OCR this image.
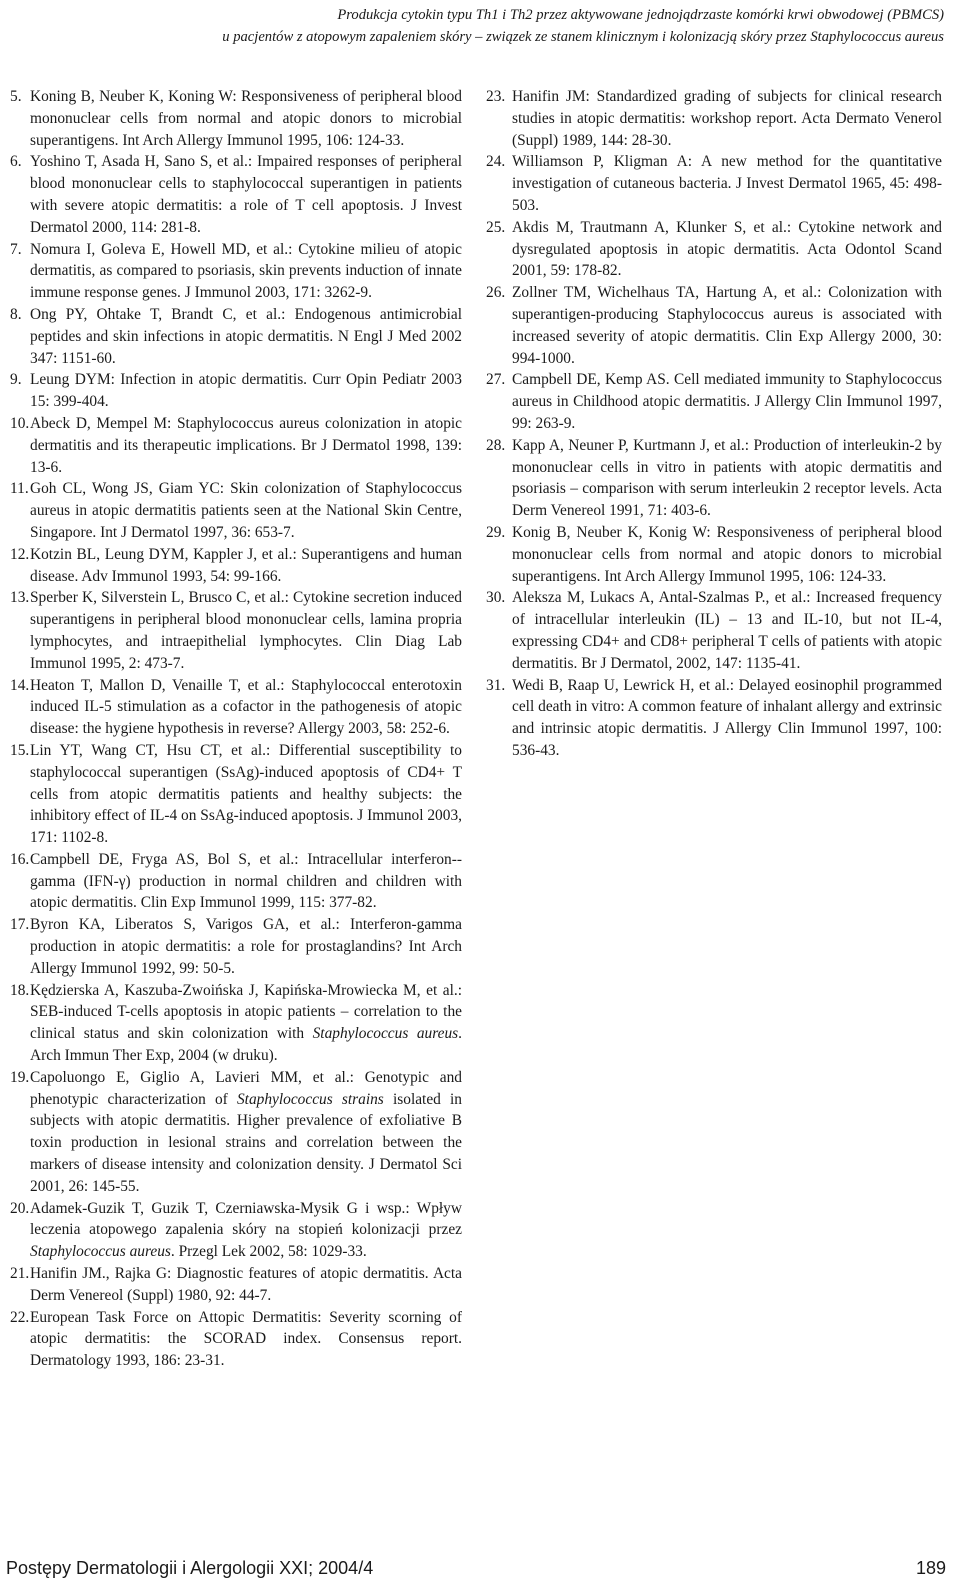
Produkcja cytokin typu Th1 i Th2 przez aktywowane jednojądrzaste komórki krwi obwodowej (PBMCS)
u pacjentów z atopowym zapaleniem skóry – związek ze stanem klinicznym i kolonizacją skóry przez Staphylococcus aureus
5. Koning B, Neuber K, Koning W: Responsiveness of peripheral blood mononuclear cells from normal and atopic donors to microbial superantigens. Int Arch Allergy Immunol 1995, 106: 124-33.
6. Yoshino T, Asada H, Sano S, et al.: Impaired responses of peripheral blood mononuclear cells to staphylococcal superantigen in patients with severe atopic dermatitis: a role of T cell apoptosis. J Invest Dermatol 2000, 114: 281-8.
7. Nomura I, Goleva E, Howell MD, et al.: Cytokine milieu of atopic dermatitis, as compared to psoriasis, skin prevents induction of innate immune response genes. J Immunol 2003, 171: 3262-9.
8. Ong PY, Ohtake T, Brandt C, et al.: Endogenous antimicrobial peptides and skin infections in atopic dermatitis. N Engl J Med 2002 347: 1151-60.
9. Leung DYM: Infection in atopic dermatitis. Curr Opin Pediatr 2003 15: 399-404.
10. Abeck D, Mempel M: Staphylococcus aureus colonization in atopic dermatitis and its therapeutic implications. Br J Dermatol 1998, 139: 13-6.
11. Goh CL, Wong JS, Giam YC: Skin colonization of Staphylococcus aureus in atopic dermatitis patients seen at the National Skin Centre, Singapore. Int J Dermatol 1997, 36: 653-7.
12. Kotzin BL, Leung DYM, Kappler J, et al.: Superantigens and human disease. Adv Immunol 1993, 54: 99-166.
13. Sperber K, Silverstein L, Brusco C, et al.: Cytokine secretion induced superantigens in peripheral blood mononuclear cells, lamina propria lymphocytes, and intraepithelial lymphocytes. Clin Diag Lab Immunol 1995, 2: 473-7.
14. Heaton T, Mallon D, Venaille T, et al.: Staphylococcal enterotoxin induced IL-5 stimulation as a cofactor in the pathogenesis of atopic disease: the hygiene hypothesis in reverse? Allergy 2003, 58: 252-6.
15. Lin YT, Wang CT, Hsu CT, et al.: Differential susceptibility to staphylococcal superantigen (SsAg)-induced apoptosis of CD4+ T cells from atopic dermatitis patients and healthy subjects: the inhibitory effect of IL-4 on SsAg-induced apoptosis. J Immunol 2003, 171: 1102-8.
16. Campbell DE, Fryga AS, Bol S, et al.: Intracellular interferon--gamma (IFN-γ) production in normal children and children with atopic dermatitis. Clin Exp Immunol 1999, 115: 377-82.
17. Byron KA, Liberatos S, Varigos GA, et al.: Interferon-gamma production in atopic dermatitis: a role for prostaglandins? Int Arch Allergy Immunol 1992, 99: 50-5.
18. Kędzierska A, Kaszuba-Zwoińska J, Kapińska-Mrowiecka M, et al.: SEB-induced T-cells apoptosis in atopic patients – correlation to the clinical status and skin colonization with Staphylococcus aureus. Arch Immun Ther Exp, 2004 (w druku).
19. Capoluongo E, Giglio A, Lavieri MM, et al.: Genotypic and phenotypic characterization of Staphylococcus strains isolated in subjects with atopic dermatitis. Higher prevalence of exfoliative B toxin production in lesional strains and correlation between the markers of disease intensity and colonization density. J Dermatol Sci 2001, 26: 145-55.
20. Adamek-Guzik T, Guzik T, Czerniawska-Mysik G i wsp.: Wpływ leczenia atopowego zapalenia skóry na stopień kolonizacji przez Staphylococcus aureus. Przegl Lek 2002, 58: 1029-33.
21. Hanifin JM., Rajka G: Diagnostic features of atopic dermatitis. Acta Derm Venereol (Suppl) 1980, 92: 44-7.
22. European Task Force on Attopic Dermatitis: Severity scorning of atopic dermatitis: the SCORAD index. Consensus report. Dermatology 1993, 186: 23-31.
23. Hanifin JM: Standardized grading of subjects for clinical research studies in atopic dermatitis: workshop report. Acta Dermato Venerol (Suppl) 1989, 144: 28-30.
24. Williamson P, Kligman A: A new method for the quantitative investigation of cutaneous bacteria. J Invest Dermatol 1965, 45: 498-503.
25. Akdis M, Trautmann A, Klunker S, et al.: Cytokine network and dysregulated apoptosis in atopic dermatitis. Acta Odontol Scand 2001, 59: 178-82.
26. Zollner TM, Wichelhaus TA, Hartung A, et al.: Colonization with superantigen-producing Staphylococcus aureus is associated with increased severity of atopic dermatitis. Clin Exp Allergy 2000, 30: 994-1000.
27. Campbell DE, Kemp AS. Cell mediated immunity to Staphylococcus aureus in Childhood atopic dermatitis. J Allergy Clin Immunol 1997, 99: 263-9.
28. Kapp A, Neuner P, Kurtmann J, et al.: Production of interleukin-2 by mononuclear cells in vitro in patients with atopic dermatitis and psoriasis – comparison with serum interleukin 2 receptor levels. Acta Derm Venereol 1991, 71: 403-6.
29. Konig B, Neuber K, Konig W: Responsiveness of peripheral blood mononuclear cells from normal and atopic donors to microbial superantigens. Int Arch Allergy Immunol 1995, 106: 124-33.
30. Aleksza M, Lukacs A, Antal-Szalmas P., et al.: Increased frequency of intracellular interleukin (IL) – 13 and IL-10, but not IL-4, expressing CD4+ and CD8+ peripheral T cells of patients with atopic dermatitis. Br J Dermatol, 2002, 147: 1135-41.
31. Wedi B, Raap U, Lewrick H, et al.: Delayed eosinophil programmed cell death in vitro: A common feature of inhalant allergy and extrinsic and intrinsic atopic dermatitis. J Allergy Clin Immunol 1997, 100: 536-43.
Postępy Dermatologii i Alergologii XXI; 2004/4	189
